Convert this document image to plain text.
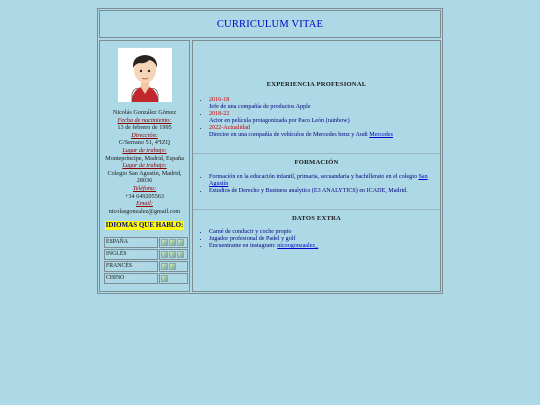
CURRICULUM VITAE
Nicolás González Gómez
Fecha de nacimiento:
13 de febrero de 1995
Dirección:
C/Serrano 51, 4ºIZQ
Lugar de trabajo:
Montepríncipe, Madrid, España
Lugar de trabajo:
Colegio San Agustín, Madrid, 28036
Teléfono:
+34 649205563
Email:
nicolasgonzalez@gmail.com
IDIOMAS QUE HABLO:
ESPAÑA□□□□	
INGLÉS□□□□	
FRANCÉS□□□□	
CHINO□□□□	

EXPERIENCIA PROFESIONAL

• 2016-18
Jefe de una compañía de productos Apple
• 2018-22
Actor en película protagonizada por Paco León (rainbow)
• 2022-Actualidad
Director en una compañía de vehículos de Mercedes benz y Audi Mercedes

FORMACIÓN

• Formación en la educación infantil, primaria, secuandaria y bachillerato en el colegio San Agustín
• Estudios de Derecho y Business analytics (E3 ANALYTICS) en ICADE, Madrid.

DATOS EXTRA

• Carné de conducir y coche propio
• Jugador profesional de Padel y golf
• Encuentrame en instagram: nicoogonzaalez_
